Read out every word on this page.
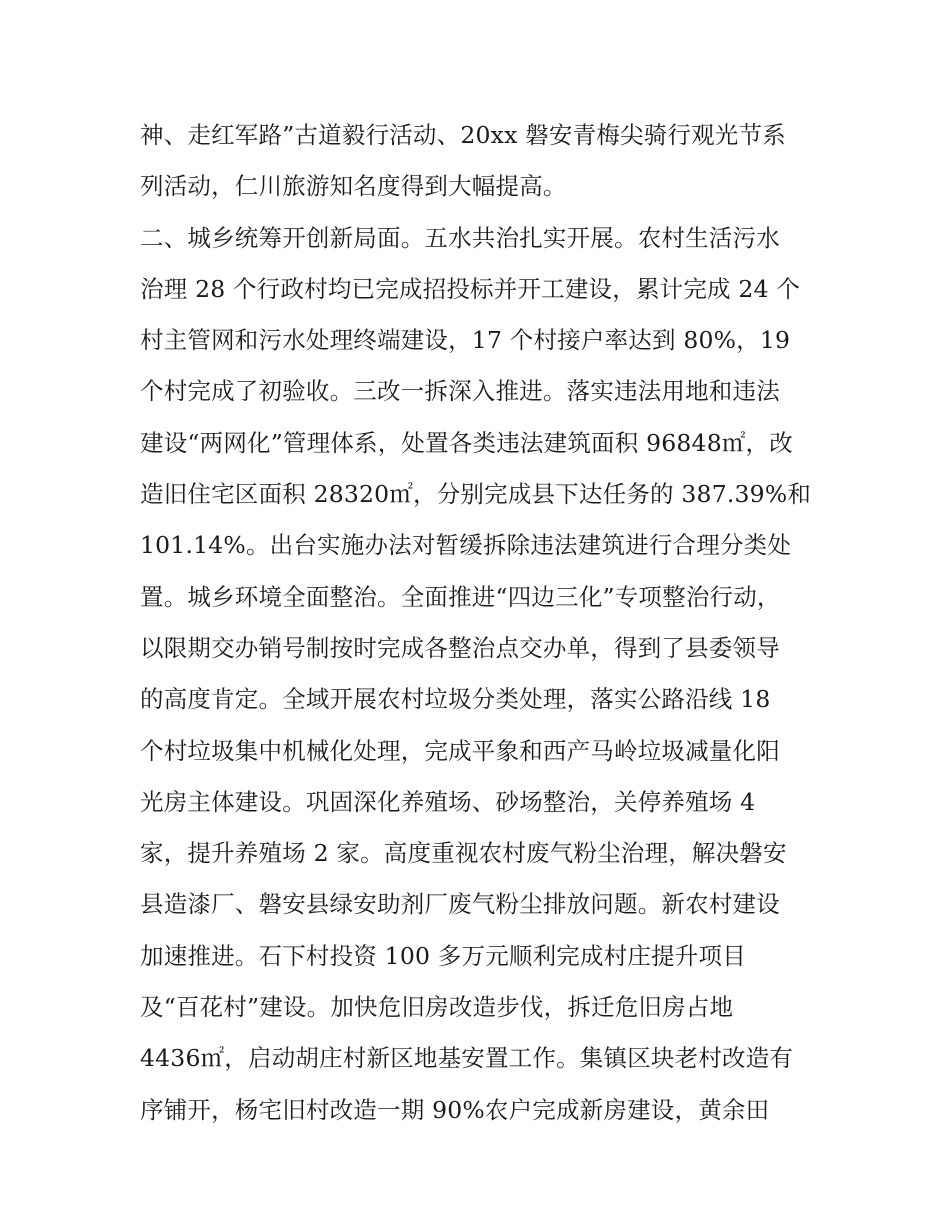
神、走红军路”古道毅行活动、20xx 磐安青梅尖骑行观光节系
列活动，仁川旅游知名度得到大幅提高。
二、城乡统筹开创新局面。五水共治扎实开展。农村生活污水
治理 28 个行政村均已完成招投标并开工建设，累计完成 24 个
村主管网和污水处理终端建设，17 个村接户率达到 80%，19
个村完成了初验收。三改一拆深入推进。落实违法用地和违法
建设“两网化”管理体系，处置各类违法建筑面积 96848㎡，改
造旧住宅区面积 28320㎡，分别完成县下达任务的 387.39%和
101.14%。出台实施办法对暂缓拆除违法建筑进行合理分类处
置。城乡环境全面整治。全面推进“四边三化”专项整治行动，
以限期交办销号制按时完成各整治点交办单，得到了县委领导
的高度肯定。全域开展农村垃圾分类处理，落实公路沿线 18
个村垃圾集中机械化处理，完成平象和西产马岭垃圾减量化阳
光房主体建设。巩固深化养殖场、砂场整治，关停养殖场 4
家，提升养殖场 2 家。高度重视农村废气粉尘治理，解决磐安
县造漆厂、磐安县绿安助剂厂废气粉尘排放问题。新农村建设
加速推进。石下村投资 100 多万元顺利完成村庄提升项目
及“百花村”建设。加快危旧房改造步伐，拆迁危旧房占地
4436㎡，启动胡庄村新区地基安置工作。集镇区块老村改造有
序铺开，杨宅旧村改造一期 90%农户完成新房建设，黄余田
